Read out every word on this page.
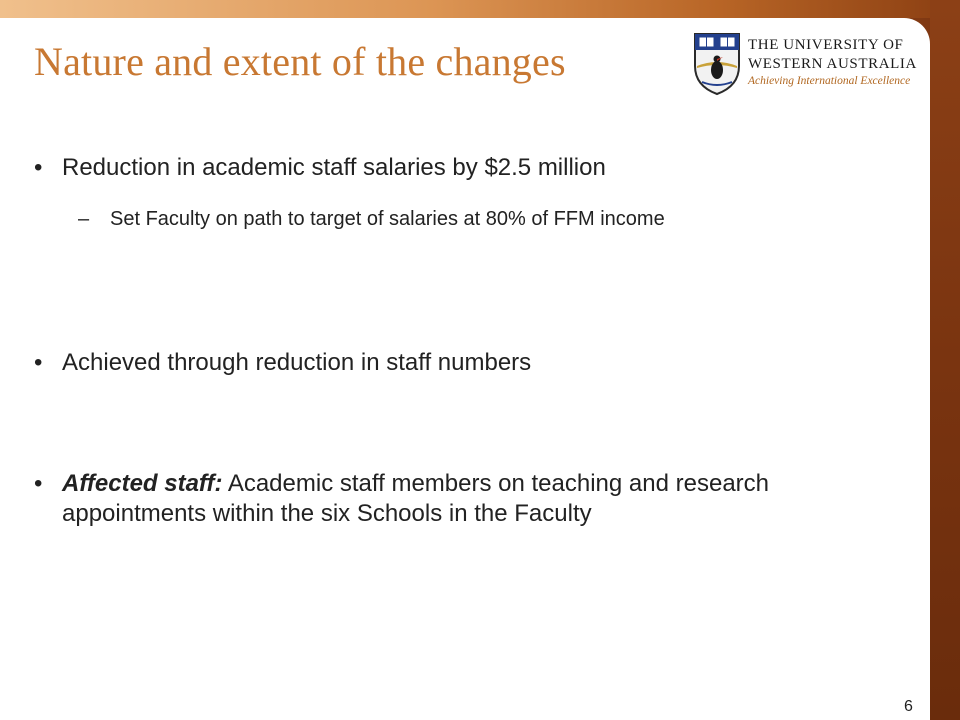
Nature and extent of the changes	THE UNIVERSITY OF
WESTERN AUSTRALIA
Achieving International Excellence
• Reduction in academic staff salaries by $2.5 million
– Set Faculty on path to target of salaries at 80% of FFM income
• Achieved through reduction in staff numbers
• Affected staff: Academic staff members on teaching and research appointments within the six Schools in the Faculty
6
